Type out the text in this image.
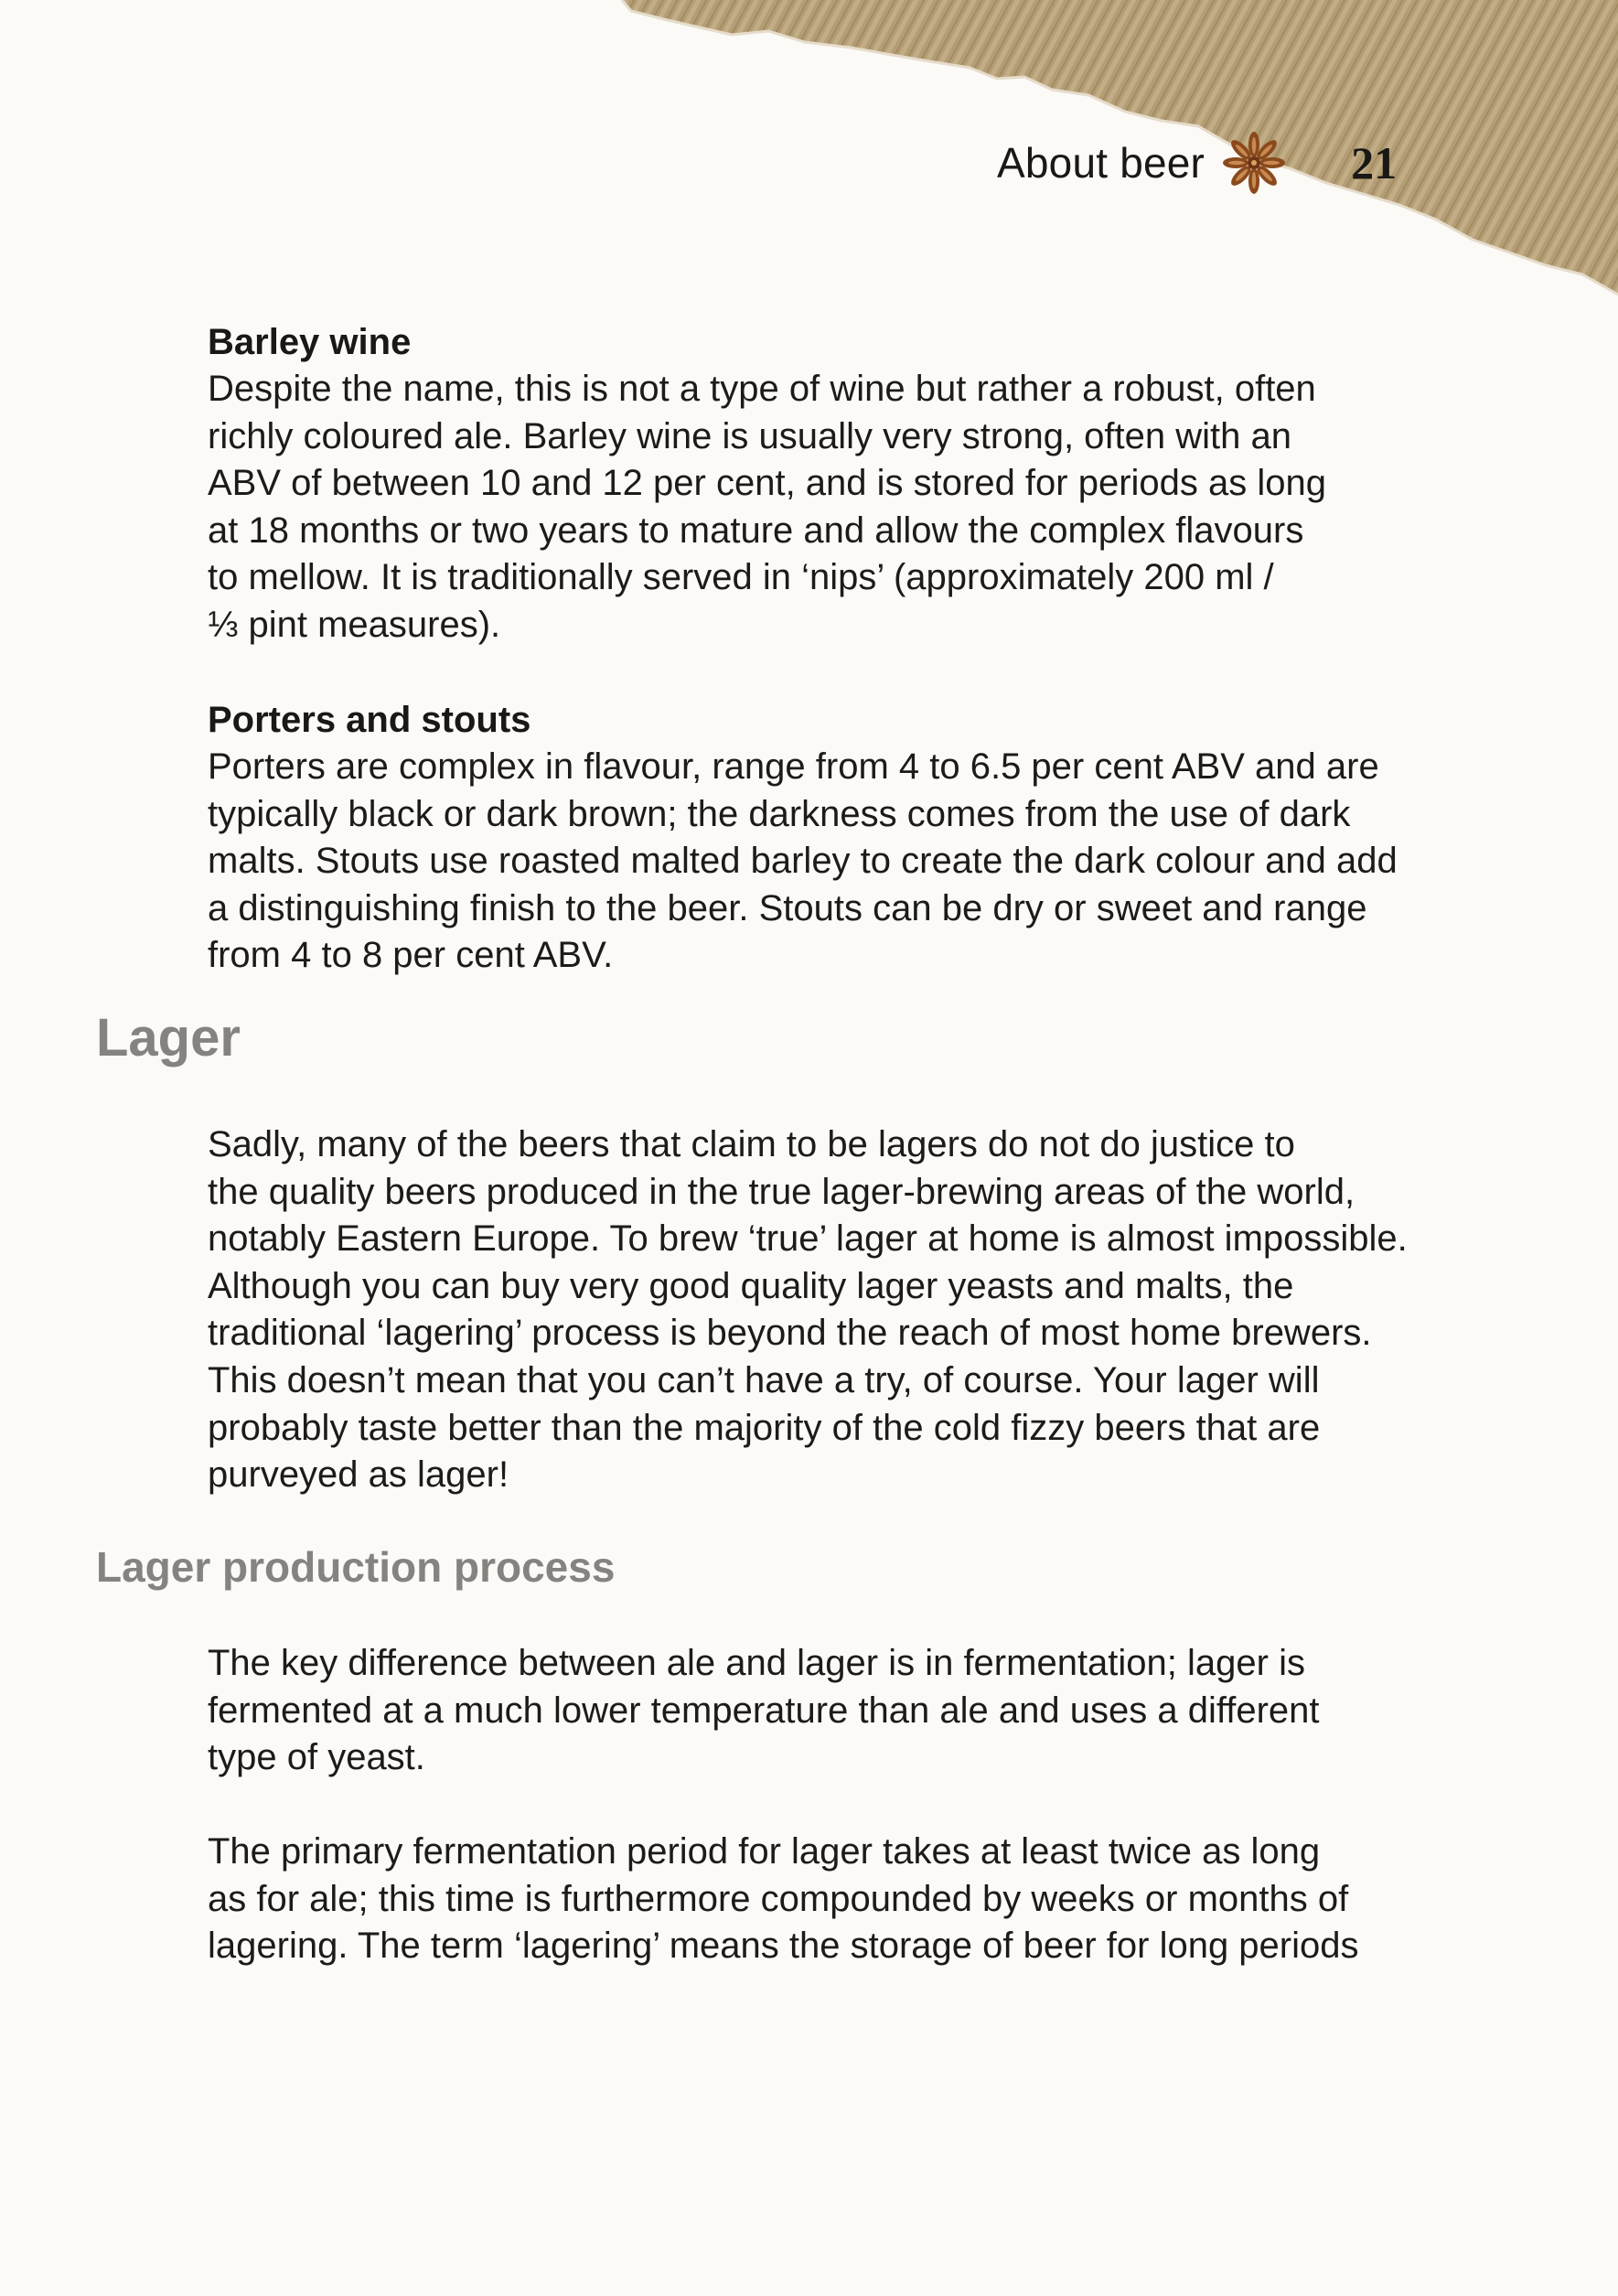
About beer	21

Barley wine

Despite the name, this is not a type of wine but rather a robust, often
richly coloured ale. Barley wine is usually very strong, often with an
ABV of between 10 and 12 per cent, and is stored for periods as long
at 18 months or two years to mature and allow the complex flavours
to mellow. It is traditionally served in ‘nips’ (approximately 200 ml /
⅓ pint measures).

Porters and stouts

Porters are complex in flavour, range from 4 to 6.5 per cent ABV and are
typically black or dark brown; the darkness comes from the use of dark
malts. Stouts use roasted malted barley to create the dark colour and add
a distinguishing finish to the beer. Stouts can be dry or sweet and range
from 4 to 8 per cent ABV.

Lager

Sadly, many of the beers that claim to be lagers do not do justice to
the quality beers produced in the true lager-brewing areas of the world,
notably Eastern Europe. To brew ‘true’ lager at home is almost impossible.
Although you can buy very good quality lager yeasts and malts, the
traditional ‘lagering’ process is beyond the reach of most home brewers.
This doesn’t mean that you can’t have a try, of course. Your lager will
probably taste better than the majority of the cold fizzy beers that are
purveyed as lager!

Lager production process

The key difference between ale and lager is in fermentation; lager is
fermented at a much lower temperature than ale and uses a different
type of yeast.

The primary fermentation period for lager takes at least twice as long
as for ale; this time is furthermore compounded by weeks or months of
lagering. The term ‘lagering’ means the storage of beer for long periods
